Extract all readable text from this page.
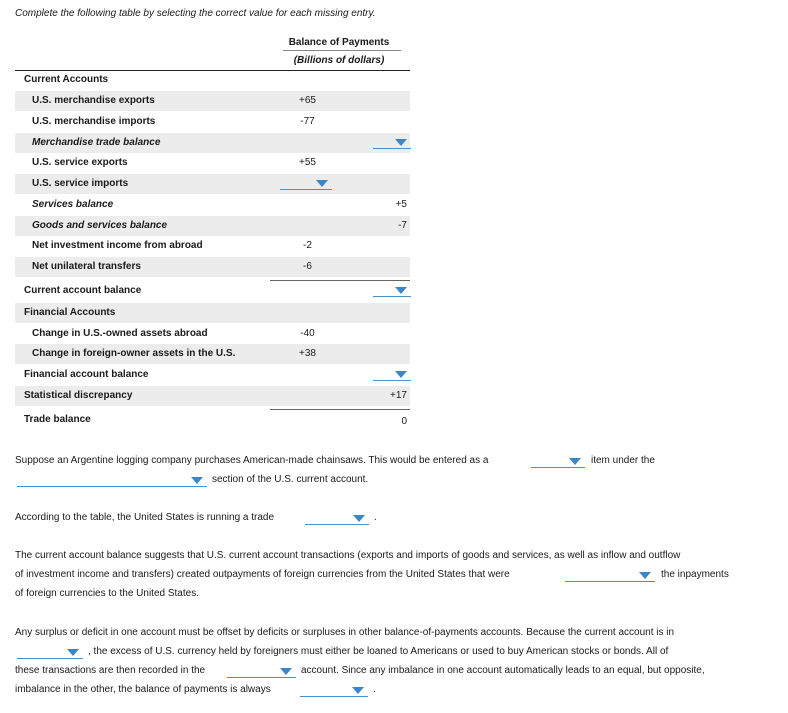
Complete the following table by selecting the correct value for each missing entry.
Balance of Payments
(Billions of dollars)
Current Accounts
U.S. merchandise exports	+65
U.S. merchandise imports	-77
Merchandise trade balance
U.S. service exports	+55
U.S. service imports
Services balance	+5
Goods and services balance	-7
Net investment income from abroad	-2
Net unilateral transfers	-6
Current account balance
Financial Accounts
Change in U.S.-owned assets abroad	-40
Change in foreign-owner assets in the U.S.	+38
Financial account balance
Statistical discrepancy	+17
Trade balance	0
Suppose an Argentine logging company purchases American-made chainsaws. This would be entered as a	item under the
section of the U.S. current account.
According to the table, the United States is running a trade	.
The current account balance suggests that U.S. current account transactions (exports and imports of goods and services, as well as inflow and outflow
of investment income and transfers) created outpayments of foreign currencies from the United States that were	the inpayments
of foreign currencies to the United States.
Any surplus or deficit in one account must be offset by deficits or surpluses in other balance-of-payments accounts. Because the current account is in
, the excess of U.S. currency held by foreigners must either be loaned to Americans or used to buy American stocks or bonds. All of
these transactions are then recorded in the	account. Since any imbalance in one account automatically leads to an equal, but opposite,
imbalance in the other, the balance of payments is always	.
